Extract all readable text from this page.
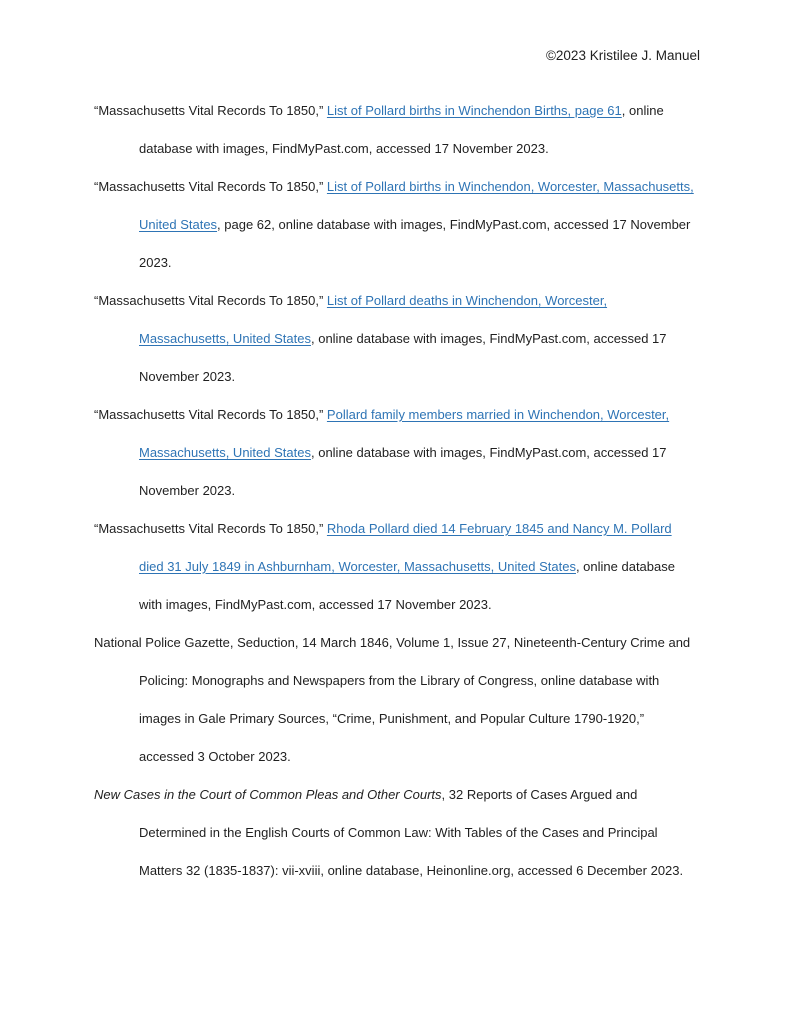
©2023 Kristilee J. Manuel

“Massachusetts Vital Records To 1850,” List of Pollard births in Winchendon Births, page 61, online database with images, FindMyPast.com, accessed 17 November 2023.

“Massachusetts Vital Records To 1850,” List of Pollard births in Winchendon, Worcester, Massachusetts, United States, page 62, online database with images, FindMyPast.com, accessed 17 November 2023.

“Massachusetts Vital Records To 1850,” List of Pollard deaths in Winchendon, Worcester, Massachusetts, United States, online database with images, FindMyPast.com, accessed 17 November 2023.

“Massachusetts Vital Records To 1850,” Pollard family members married in Winchendon, Worcester, Massachusetts, United States, online database with images, FindMyPast.com, accessed 17 November 2023.

“Massachusetts Vital Records To 1850,” Rhoda Pollard died 14 February 1845 and Nancy M. Pollard died 31 July 1849 in Ashburnham, Worcester, Massachusetts, United States, online database with images, FindMyPast.com, accessed 17 November 2023.

National Police Gazette, Seduction, 14 March 1846, Volume 1, Issue 27, Nineteenth-Century Crime and Policing: Monographs and Newspapers from the Library of Congress, online database with images in Gale Primary Sources, “Crime, Punishment, and Popular Culture 1790-1920,” accessed 3 October 2023.

New Cases in the Court of Common Pleas and Other Courts, 32 Reports of Cases Argued and Determined in the English Courts of Common Law: With Tables of the Cases and Principal Matters 32 (1835-1837): vii-xviii, online database, Heinonline.org, accessed 6 December 2023.
